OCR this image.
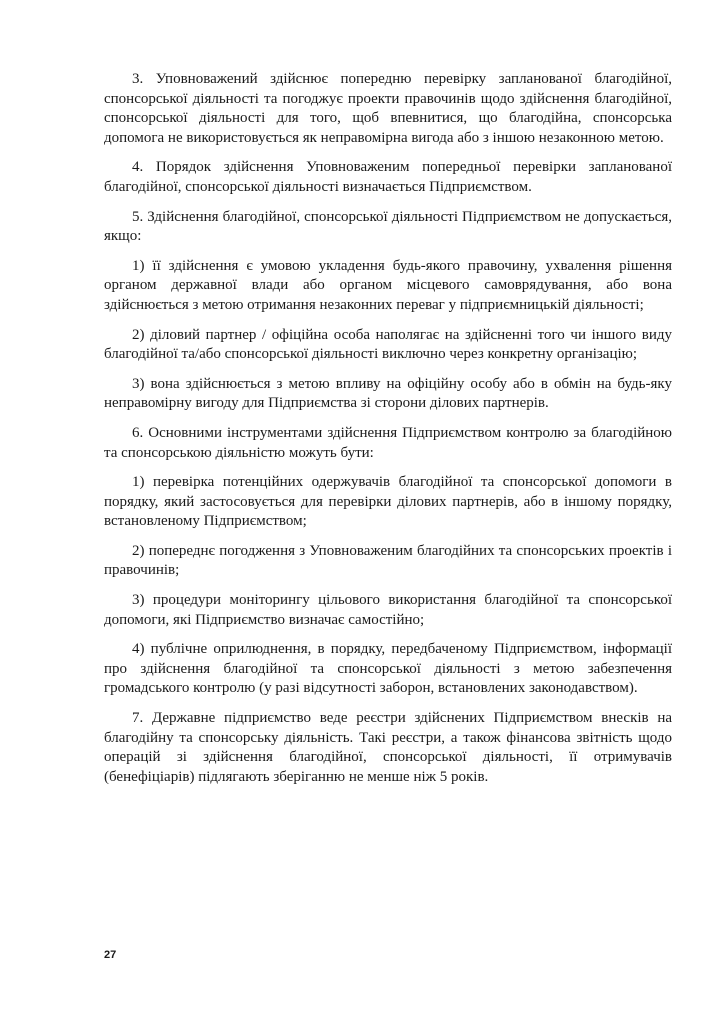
3. Уповноважений здійснює попередню перевірку запланованої благодійної, спонсорської діяльності та погоджує проекти правочинів щодо здійснення благодійної, спонсорської діяльності для того, щоб впевнитися, що благодійна, спонсорська допомога не використовується як неправомірна вигода або з іншою незаконною метою.

4. Порядок здійснення Уповноваженим попередньої перевірки запланованої благодійної, спонсорської діяльності визначається Підприємством.

5. Здійснення благодійної, спонсорської діяльності Підприємством не допускається, якщо:

1) її здійснення є умовою укладення будь-якого правочину, ухвалення рішення органом державної влади або органом місцевого самоврядування, або вона здійснюється з метою отримання незаконних переваг у підприємницькій діяльності;

2) діловий партнер / офіційна особа наполягає на здійсненні того чи іншого виду благодійної та/або спонсорської діяльності виключно через конкретну організацію;

3) вона здійснюється з метою впливу на офіційну особу або в обмін на будь-яку неправомірну вигоду для Підприємства зі сторони ділових партнерів.

6. Основними інструментами здійснення Підприємством контролю за благодійною та спонсорською діяльністю можуть бути:

1) перевірка потенційних одержувачів благодійної та спонсорської допомоги в порядку, який застосовується для перевірки ділових партнерів, або в іншому порядку, встановленому Підприємством;

2) попереднє погодження з Уповноваженим благодійних та спонсорських проектів і правочинів;

3) процедури моніторингу цільового використання благодійної та спонсорської допомоги, які Підприємство визначає самостійно;

4) публічне оприлюднення, в порядку, передбаченому Підприємством, інформації про здійснення благодійної та спонсорської діяльності з метою забезпечення громадського контролю (у разі відсутності заборон, встановлених законодавством).

7. Державне підприємство веде реєстри здійснених Підприємством внесків на благодійну та спонсорську діяльність. Такі реєстри, а також фінансова звітність щодо операцій зі здійснення благодійної, спонсорської діяльності, її отримувачів (бенефіціарів) підлягають зберіганню не менше ніж 5 років.

27
